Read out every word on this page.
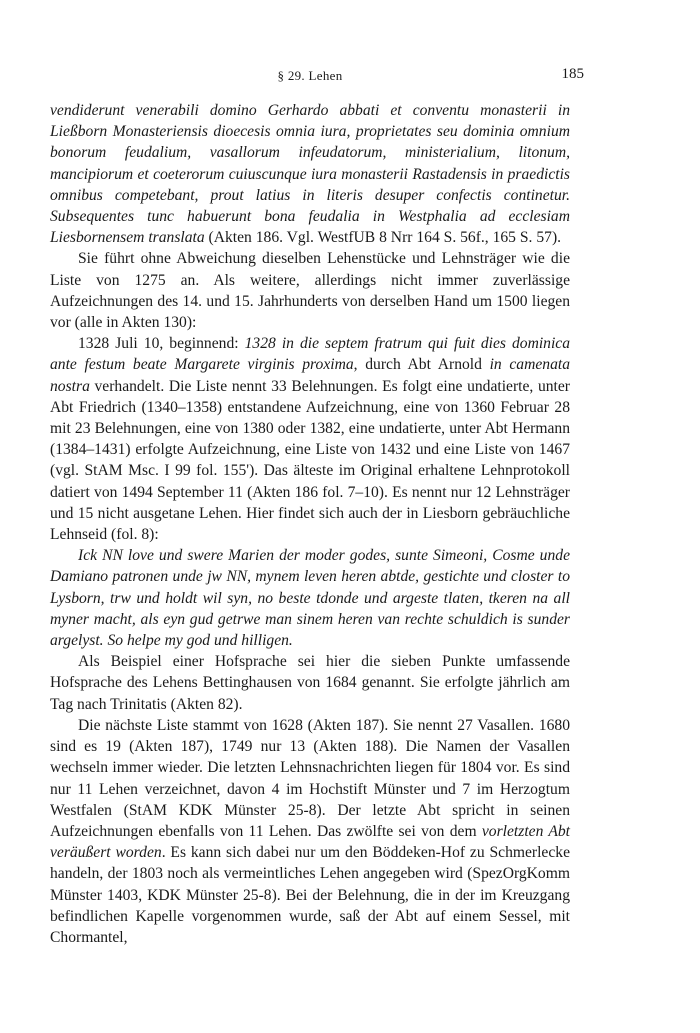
§ 29. Lehen	185

vendiderunt venerabili domino Gerhardo abbati et conventu monasterii in Ließborn Monasteriensis dioecesis omnia iura, proprietates seu dominia omnium bonorum feudalium, vasallorum infeudatorum, ministerialium, litonum, mancipiorum et coeterorum cuiuscunque iura monasterii Rastadensis in praedictis omnibus competebant, prout latius in literis desuper confectis continetur. Subsequentes tunc habuerunt bona feudalia in Westphalia ad ecclesiam Liesbornensem translata (Akten 186. Vgl. WestfUB 8 Nrr 164 S. 56f., 165 S. 57).

Sie führt ohne Abweichung dieselben Lehenstücke und Lehnsträger wie die Liste von 1275 an. Als weitere, allerdings nicht immer zuverlässige Aufzeichnungen des 14. und 15. Jahrhunderts von derselben Hand um 1500 liegen vor (alle in Akten 130):

1328 Juli 10, beginnend: 1328 in die septem fratrum qui fuit dies dominica ante festum beate Margarete virginis proxima, durch Abt Arnold in camenata nostra verhandelt. Die Liste nennt 33 Belehnungen. Es folgt eine undatierte, unter Abt Friedrich (1340–1358) entstandene Aufzeichnung, eine von 1360 Februar 28 mit 23 Belehnungen, eine von 1380 oder 1382, eine undatierte, unter Abt Hermann (1384–1431) erfolgte Aufzeichnung, eine Liste von 1432 und eine Liste von 1467 (vgl. StAM Msc. I 99 fol. 155'). Das älteste im Original erhaltene Lehnprotokoll datiert von 1494 September 11 (Akten 186 fol. 7–10). Es nennt nur 12 Lehnsträger und 15 nicht ausgetane Lehen. Hier findet sich auch der in Liesborn gebräuchliche Lehnseid (fol. 8):

Ick NN love und swere Marien der moder godes, sunte Simeoni, Cosme unde Damiano patronen unde jw NN, mynem leven heren abtde, gestichte und closter to Lysborn, trw und holdt wil syn, no beste tdonde und argeste tlaten, tkeren na all myner macht, als eyn gud getrwe man sinem heren van rechte schuldich is sunder argelyst. So helpe my god und hilligen.

Als Beispiel einer Hofsprache sei hier die sieben Punkte umfassende Hofsprache des Lehens Bettinghausen von 1684 genannt. Sie erfolgte jährlich am Tag nach Trinitatis (Akten 82).

Die nächste Liste stammt von 1628 (Akten 187). Sie nennt 27 Vasallen. 1680 sind es 19 (Akten 187), 1749 nur 13 (Akten 188). Die Namen der Vasallen wechseln immer wieder. Die letzten Lehnsnachrichten liegen für 1804 vor. Es sind nur 11 Lehen verzeichnet, davon 4 im Hochstift Münster und 7 im Herzogtum Westfalen (StAM KDK Münster 25-8). Der letzte Abt spricht in seinen Aufzeichnungen ebenfalls von 11 Lehen. Das zwölfte sei von dem vorletzten Abt veräußert worden. Es kann sich dabei nur um den Böddeken-Hof zu Schmerlecke handeln, der 1803 noch als vermeintliches Lehen angegeben wird (SpezOrgKomm Münster 1403, KDK Münster 25-8). Bei der Belehnung, die in der im Kreuzgang befindlichen Kapelle vorgenommen wurde, saß der Abt auf einem Sessel, mit Chormantel,
